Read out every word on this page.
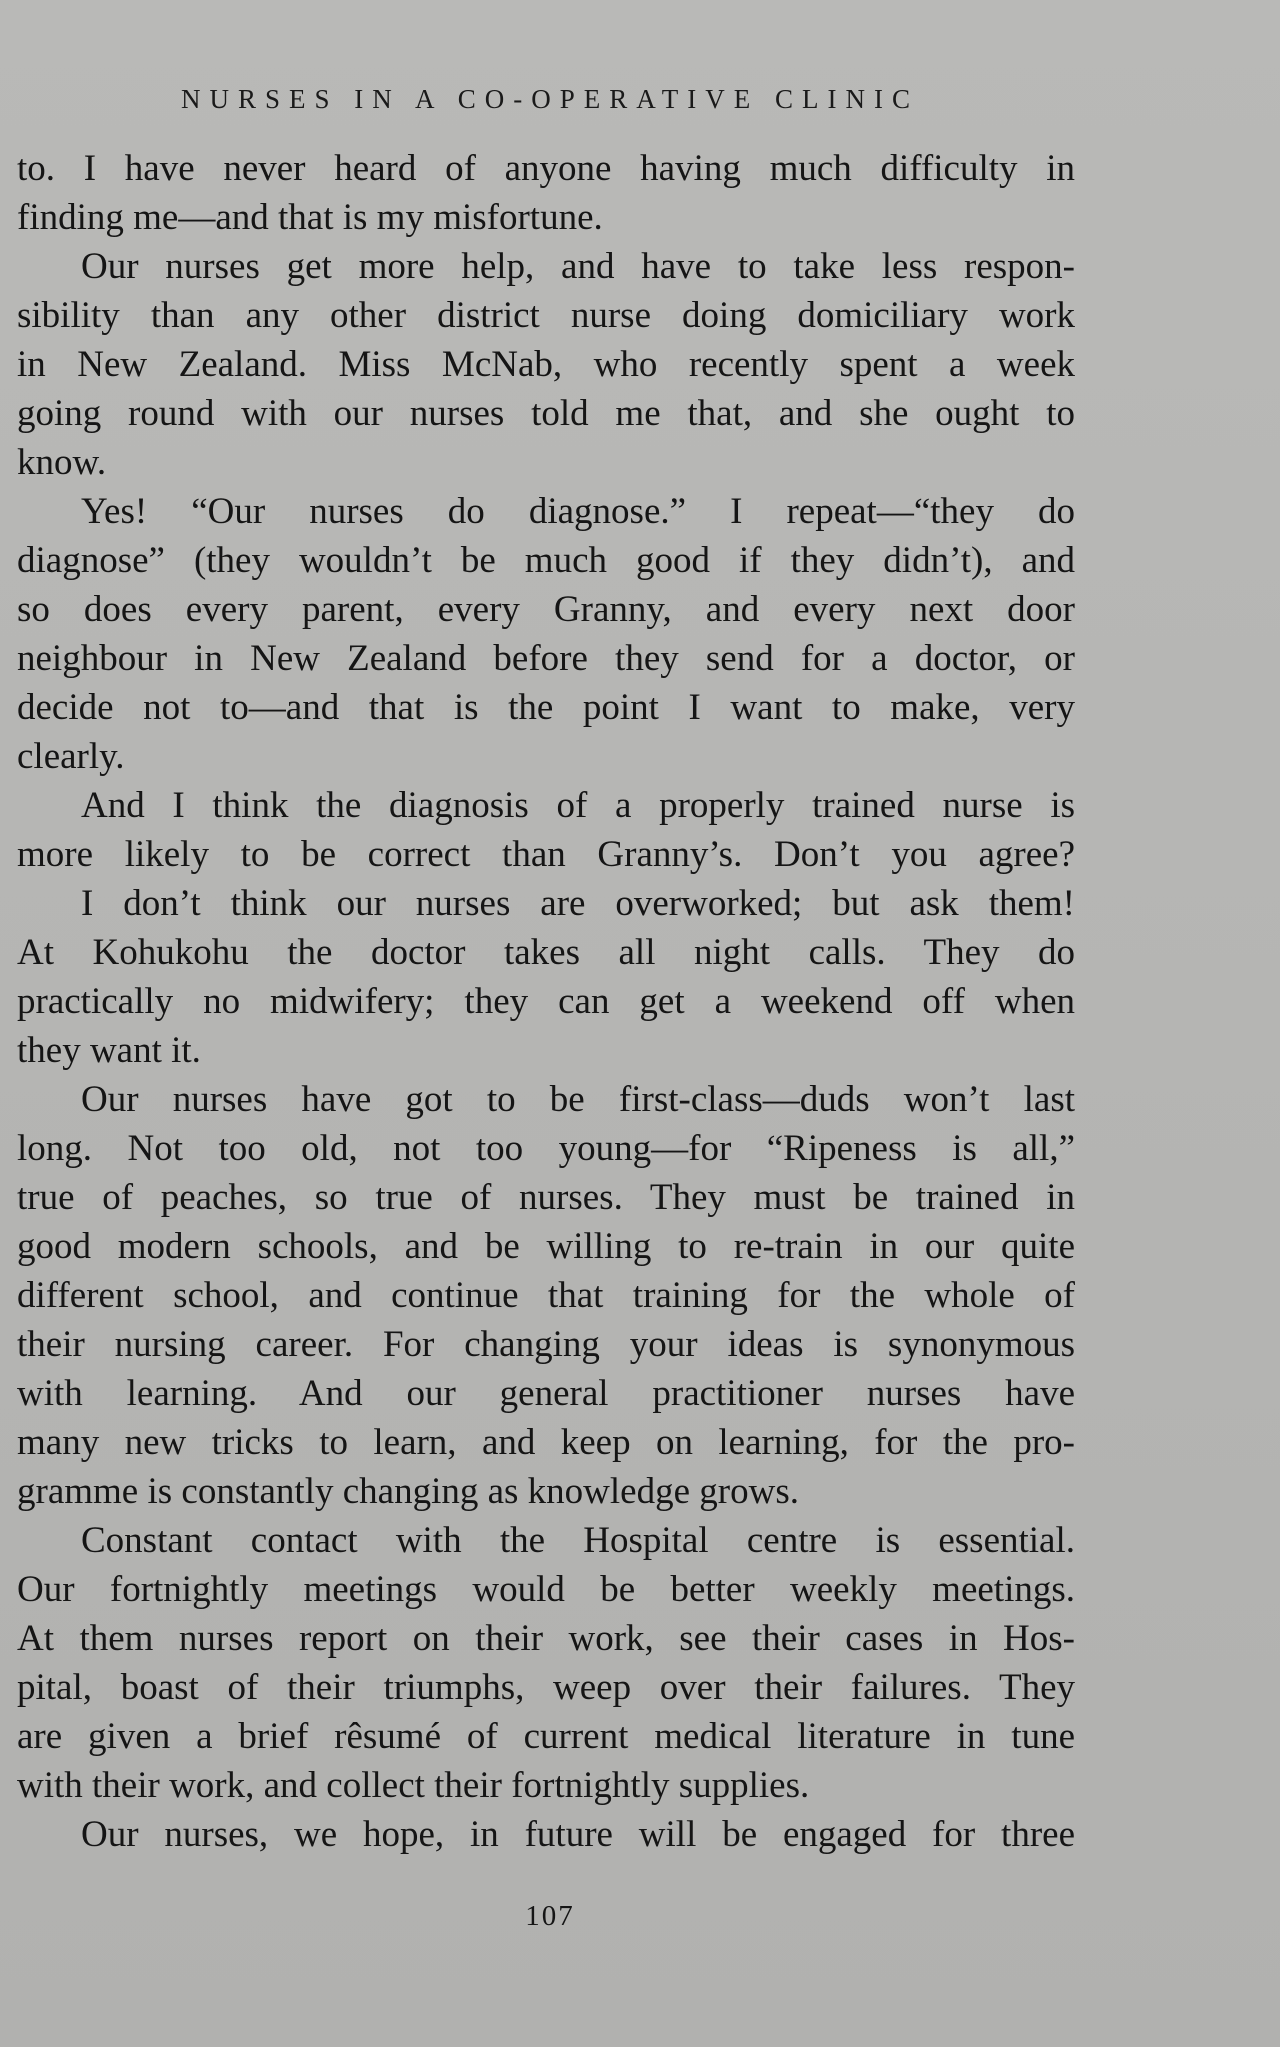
NURSES IN A CO-OPERATIVE CLINIC
to. I have never heard of anyone having much difficulty in
finding me—and that is my misfortune.
Our nurses get more help, and have to take less respon-
sibility than any other district nurse doing domiciliary work
in New Zealand. Miss McNab, who recently spent a week
going round with our nurses told me that, and she ought to
know.
Yes! “Our nurses do diagnose.” I repeat—“they do
diagnose” (they wouldn’t be much good if they didn’t), and
so does every parent, every Granny, and every next door
neighbour in New Zealand before they send for a doctor, or
decide not to—and that is the point I want to make, very
clearly.
And I think the diagnosis of a properly trained nurse is
more likely to be correct than Granny’s. Don’t you agree?
I don’t think our nurses are overworked; but ask them!
At Kohukohu the doctor takes all night calls. They do
practically no midwifery; they can get a weekend off when
they want it.
Our nurses have got to be first-class—duds won’t last
long. Not too old, not too young—for “Ripeness is all,”
true of peaches, so true of nurses. They must be trained in
good modern schools, and be willing to re-train in our quite
different school, and continue that training for the whole of
their nursing career. For changing your ideas is synonymous
with learning. And our general practitioner nurses have
many new tricks to learn, and keep on learning, for the pro-
gramme is constantly changing as knowledge grows.
Constant contact with the Hospital centre is essential.
Our fortnightly meetings would be better weekly meetings.
At them nurses report on their work, see their cases in Hos-
pital, boast of their triumphs, weep over their failures. They
are given a brief rêsumé of current medical literature in tune
with their work, and collect their fortnightly supplies.
Our nurses, we hope, in future will be engaged for three
107
